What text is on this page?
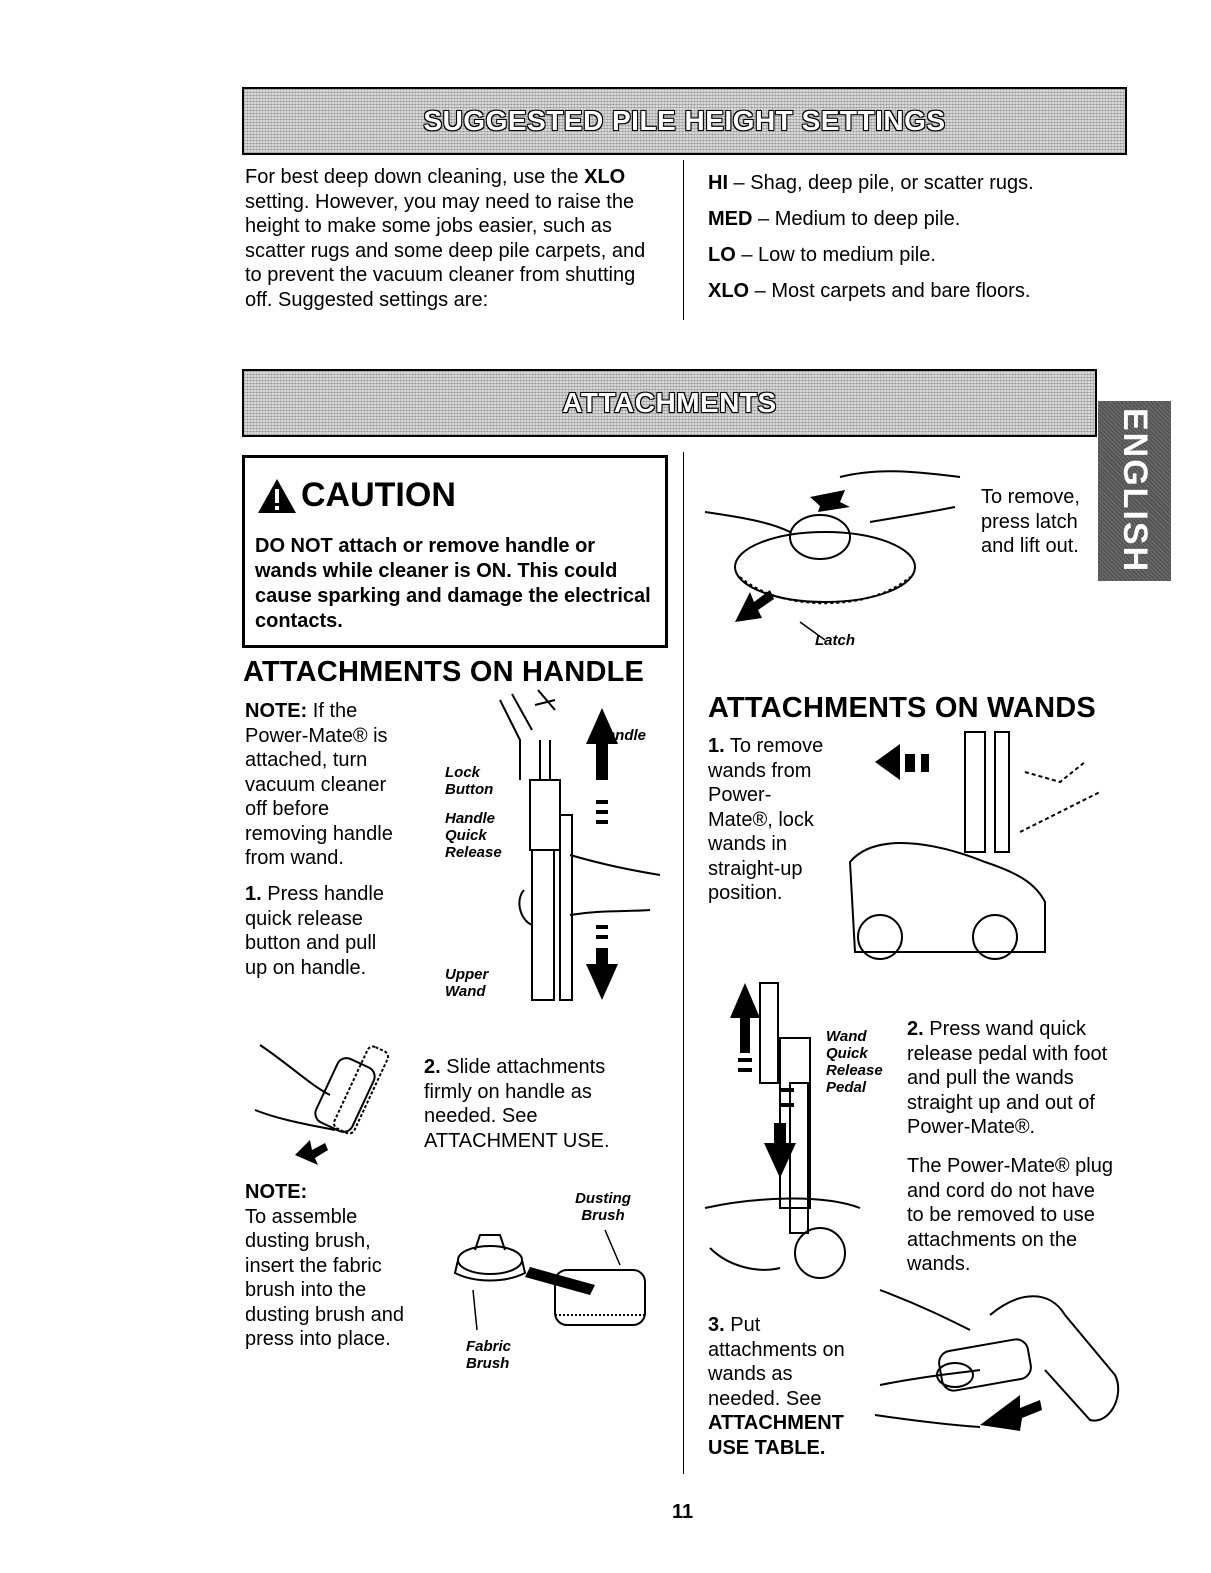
SUGGESTED PILE HEIGHT SETTINGS
For best deep down cleaning, use the XLO setting. However, you may need to raise the height to make some jobs easier, such as scatter rugs and some deep pile carpets, and to prevent the vacuum cleaner from shutting off. Suggested settings are:
HI – Shag, deep pile, or scatter rugs.
MED – Medium to deep pile.
LO – Low to medium pile.
XLO – Most carpets and bare floors.
ATTACHMENTS
ENGLISH
CAUTION
DO NOT attach or remove handle or wands while cleaner is ON. This could cause sparking and damage the electrical contacts.
ATTACHMENTS ON HANDLE
NOTE: If the Power-Mate® is attached, turn vacuum cleaner off before removing handle from wand.
1. Press handle quick release button and pull up on handle.
Handle
Lock Button
Handle Quick Release
Upper Wand
2. Slide attachments firmly on handle as needed. See ATTACHMENT USE.
NOTE:
To assemble dusting brush, insert the fabric brush into the dusting brush and press into place.
Dusting Brush
Fabric Brush
To remove, press latch and lift out.
Latch
ATTACHMENTS ON WANDS
1. To remove wands from Power-Mate®, lock wands in straight-up position.
Wand Quick Release Pedal
2. Press wand quick release pedal with foot and pull the wands straight up and out of Power-Mate®.
The Power-Mate® plug and cord do not have to be removed to use attachments on the wands.
3. Put attachments on wands as needed. See ATTACHMENT USE TABLE.
11
